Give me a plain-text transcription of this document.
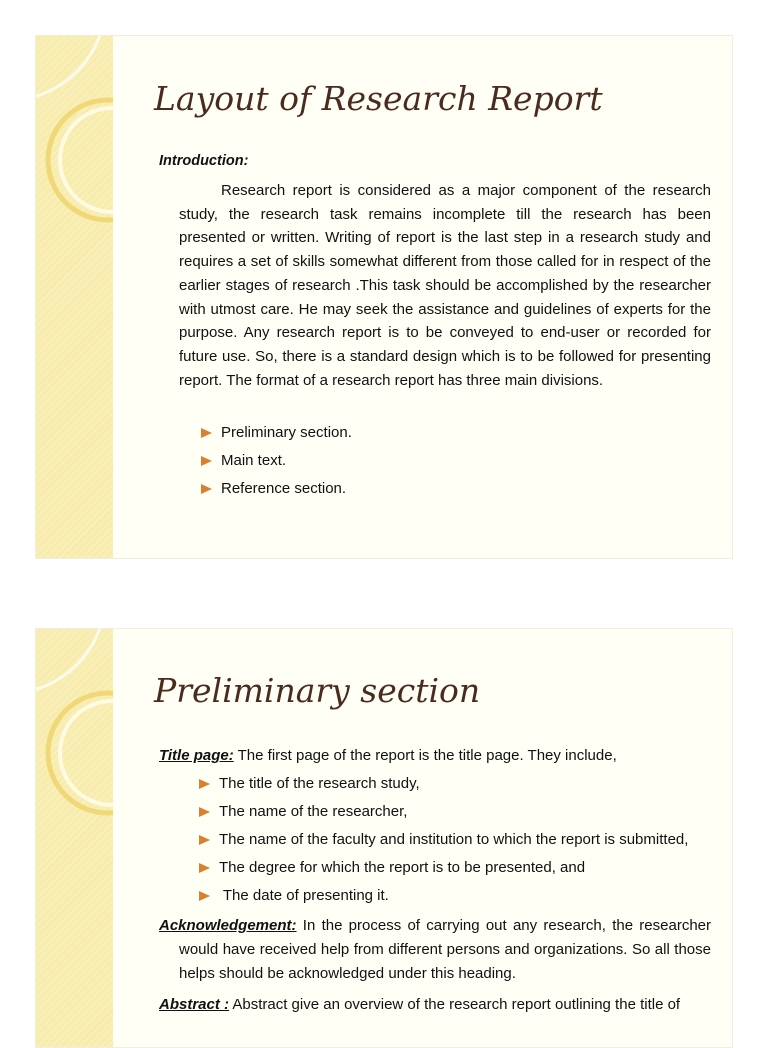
Layout of Research Report
Introduction:
Research report is considered as a major component of the research study, the research task remains incomplete till the research has been presented or written. Writing of report is the last step in a research study and requires a set of skills somewhat different from those called for in respect of the earlier stages of research .This task should be accomplished by the researcher with utmost care. He may seek the assistance and guidelines of experts for the purpose. Any research report is to be conveyed to end-user or recorded for future use. So, there is a standard design which is to be followed for presenting report. The format of a research report has three main divisions.
Preliminary section.
Main text.
Reference section.
Preliminary section
Title page: The first page of the report is the title page. They include,
The title of the research study,
The name of the researcher,
The name of the faculty and institution to which the report is submitted,
The degree for which the report is to be presented, and
The date of presenting it.
Acknowledgement: In the process of carrying out any research, the researcher would have received help from different persons and organizations. So all those helps should be acknowledged under this heading.
Abstract : Abstract give an overview of the research report outlining the title of
